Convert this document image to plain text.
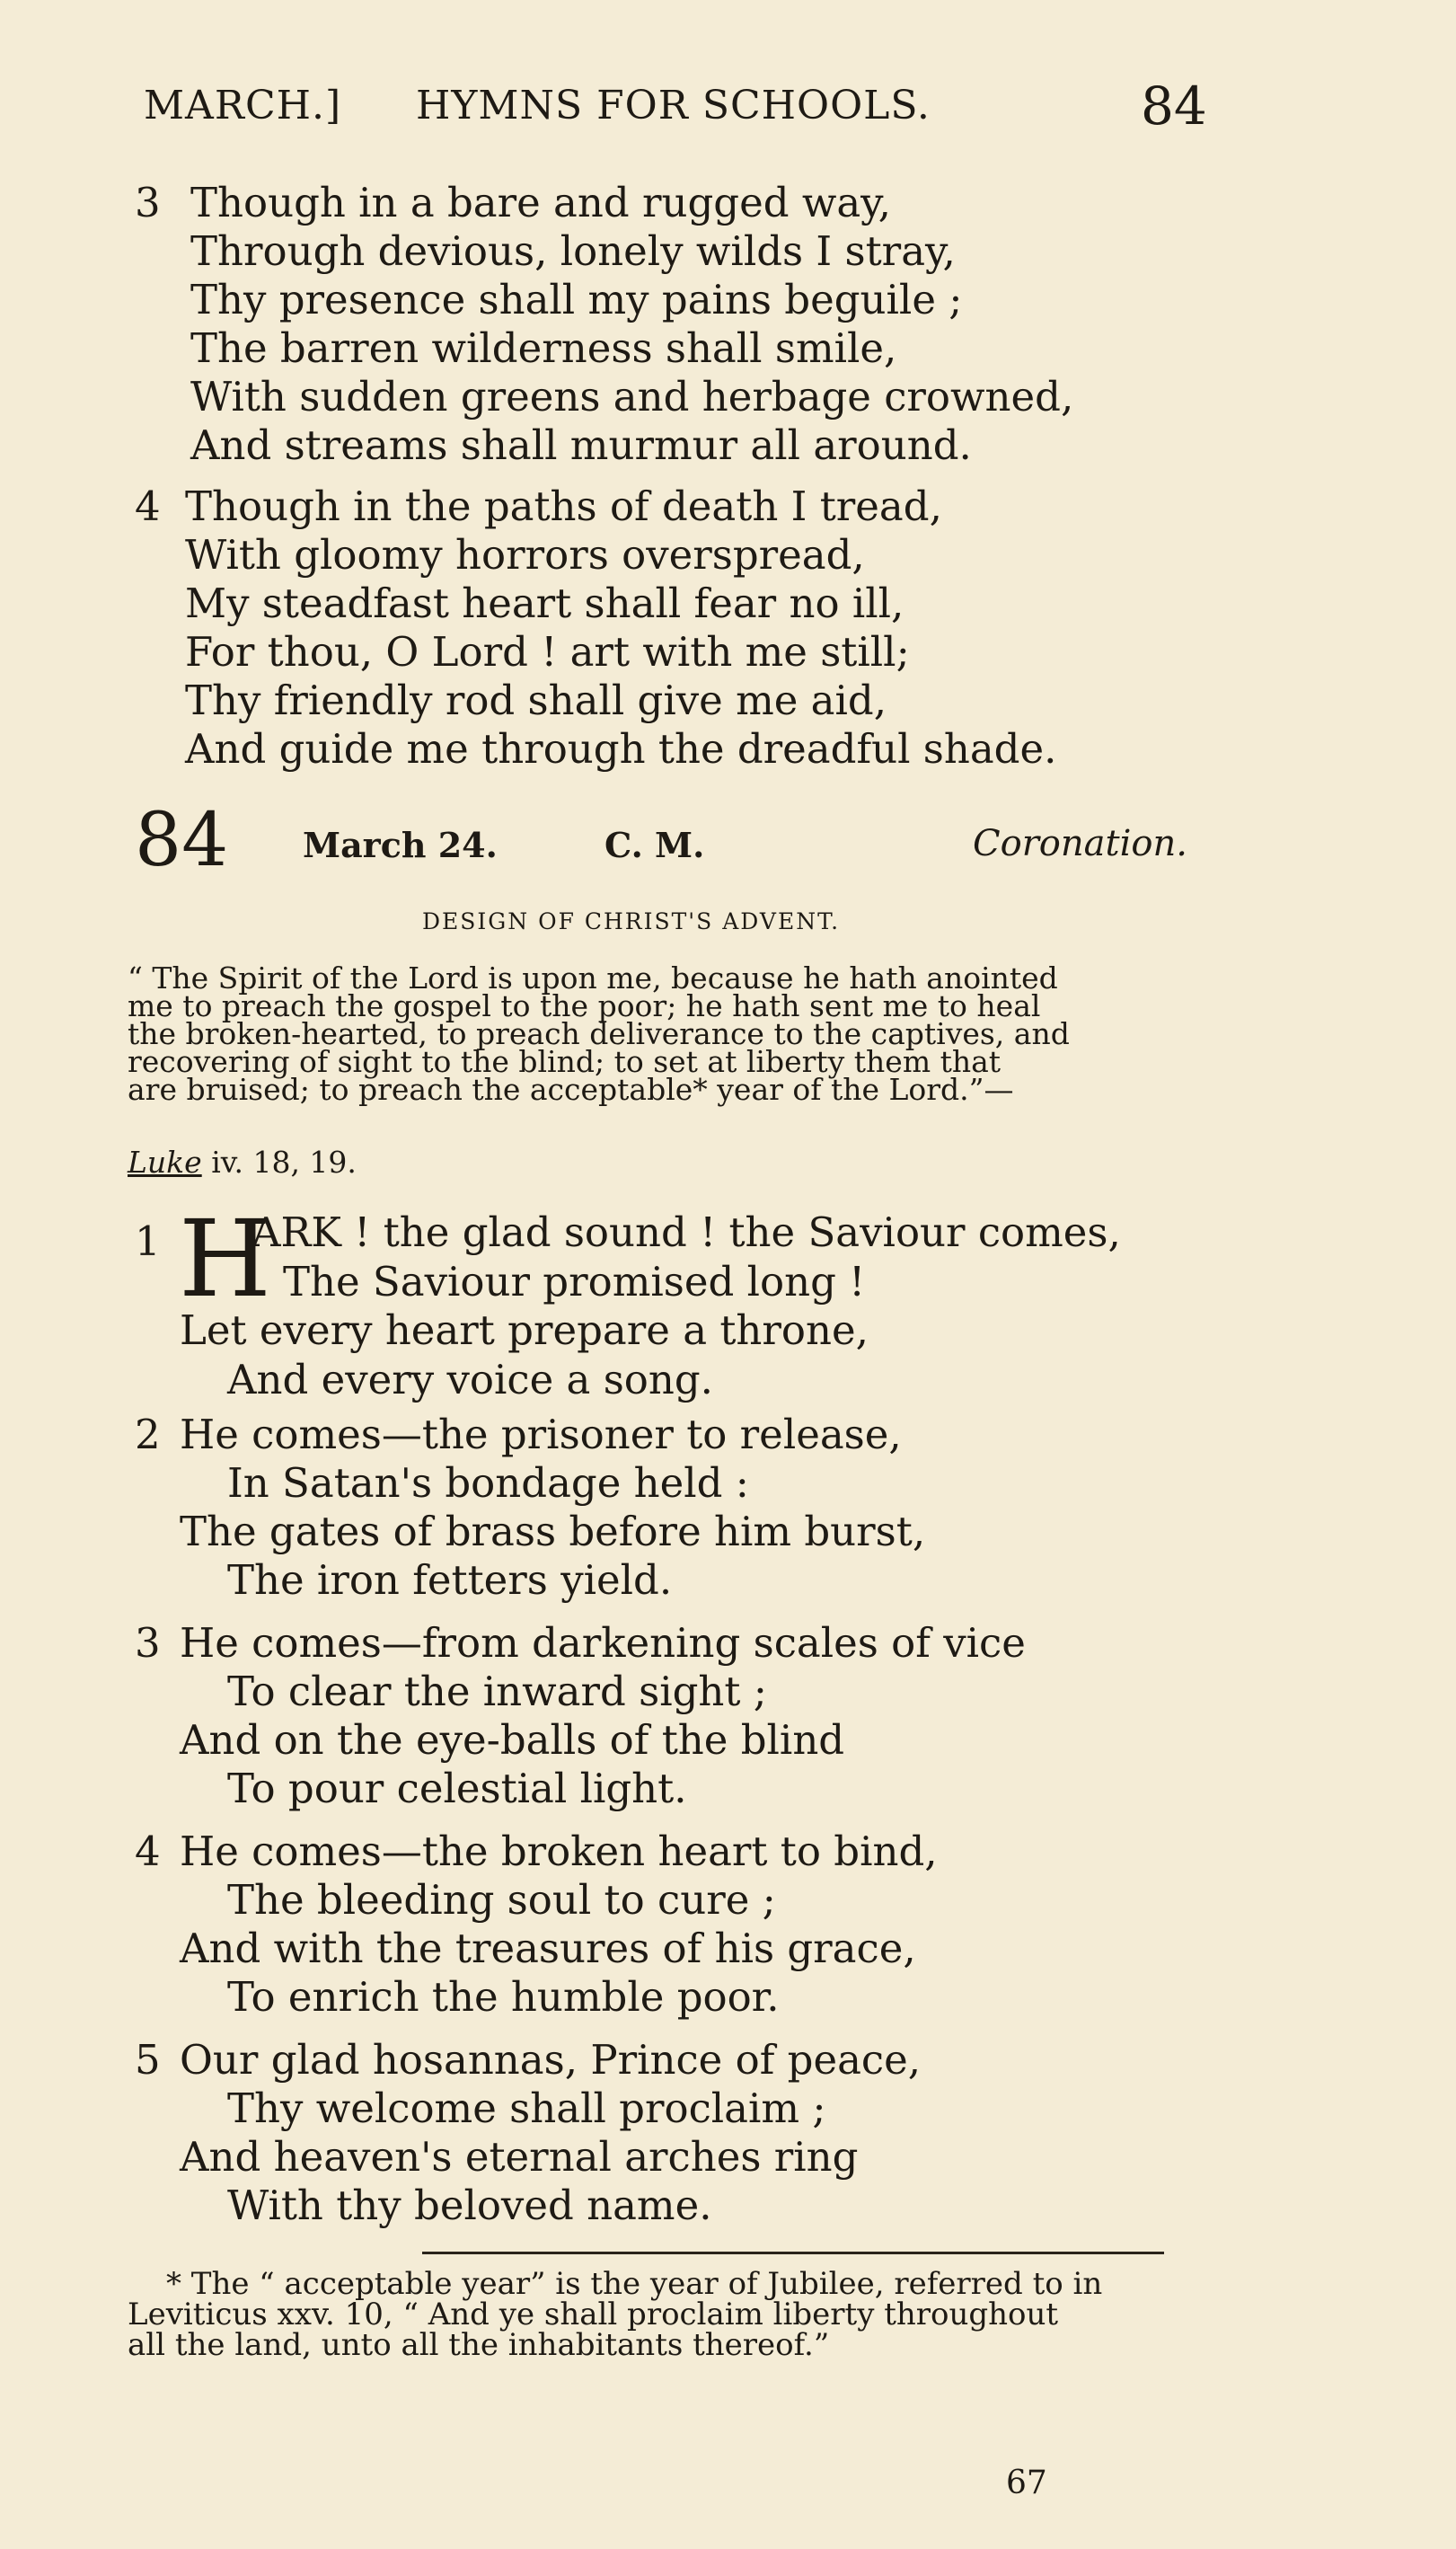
MARCH.] HYMNS FOR SCHOOLS.	84
3 Though in a bare and rugged way,
Through devious, lonely wilds I stray,
Thy presence shall my pains beguile ;
The barren wilderness shall smile,
With sudden greens and herbage crowned,
And streams shall murmur all around.
4 Though in the paths of death I tread,
With gloomy horrors overspread,
My steadfast heart shall fear no ill,
For thou, O Lord ! art with me still;
Thy friendly rod shall give me aid,
And guide me through the dreadful shade.
84 March 24.	C. M.	Coronation.
DESIGN OF CHRIST'S ADVENT.
“ The Spirit of the Lord is upon me, because he hath anointed
me to preach the gospel to the poor; he hath sent me to heal
the broken-hearted, to preach deliverance to the captives, and
recovering of sight to the blind; to set at liberty them that
are bruised; to preach the acceptable* year of the Lord.”—
Luke iv. 18, 19.
1 H
ARK ! the glad sound ! the Saviour comes,
The Saviour promised long !
Let every heart prepare a throne,
And every voice a song.
2 He comes—the prisoner to release,
In Satan's bondage held :
The gates of brass before him burst,
The iron fetters yield.
3 He comes—from darkening scales of vice
To clear the inward sight ;
And on the eye-balls of the blind
To pour celestial light.
4 He comes—the broken heart to bind,
The bleeding soul to cure ;
And with the treasures of his grace,
To enrich the humble poor.
5 Our glad hosannas, Prince of peace,
Thy welcome shall proclaim ;
And heaven's eternal arches ring
With thy beloved name.
* The “ acceptable year” is the year of Jubilee, referred to in
Leviticus xxv. 10, “ And ye shall proclaim liberty throughout
all the land, unto all the inhabitants thereof.”
67
